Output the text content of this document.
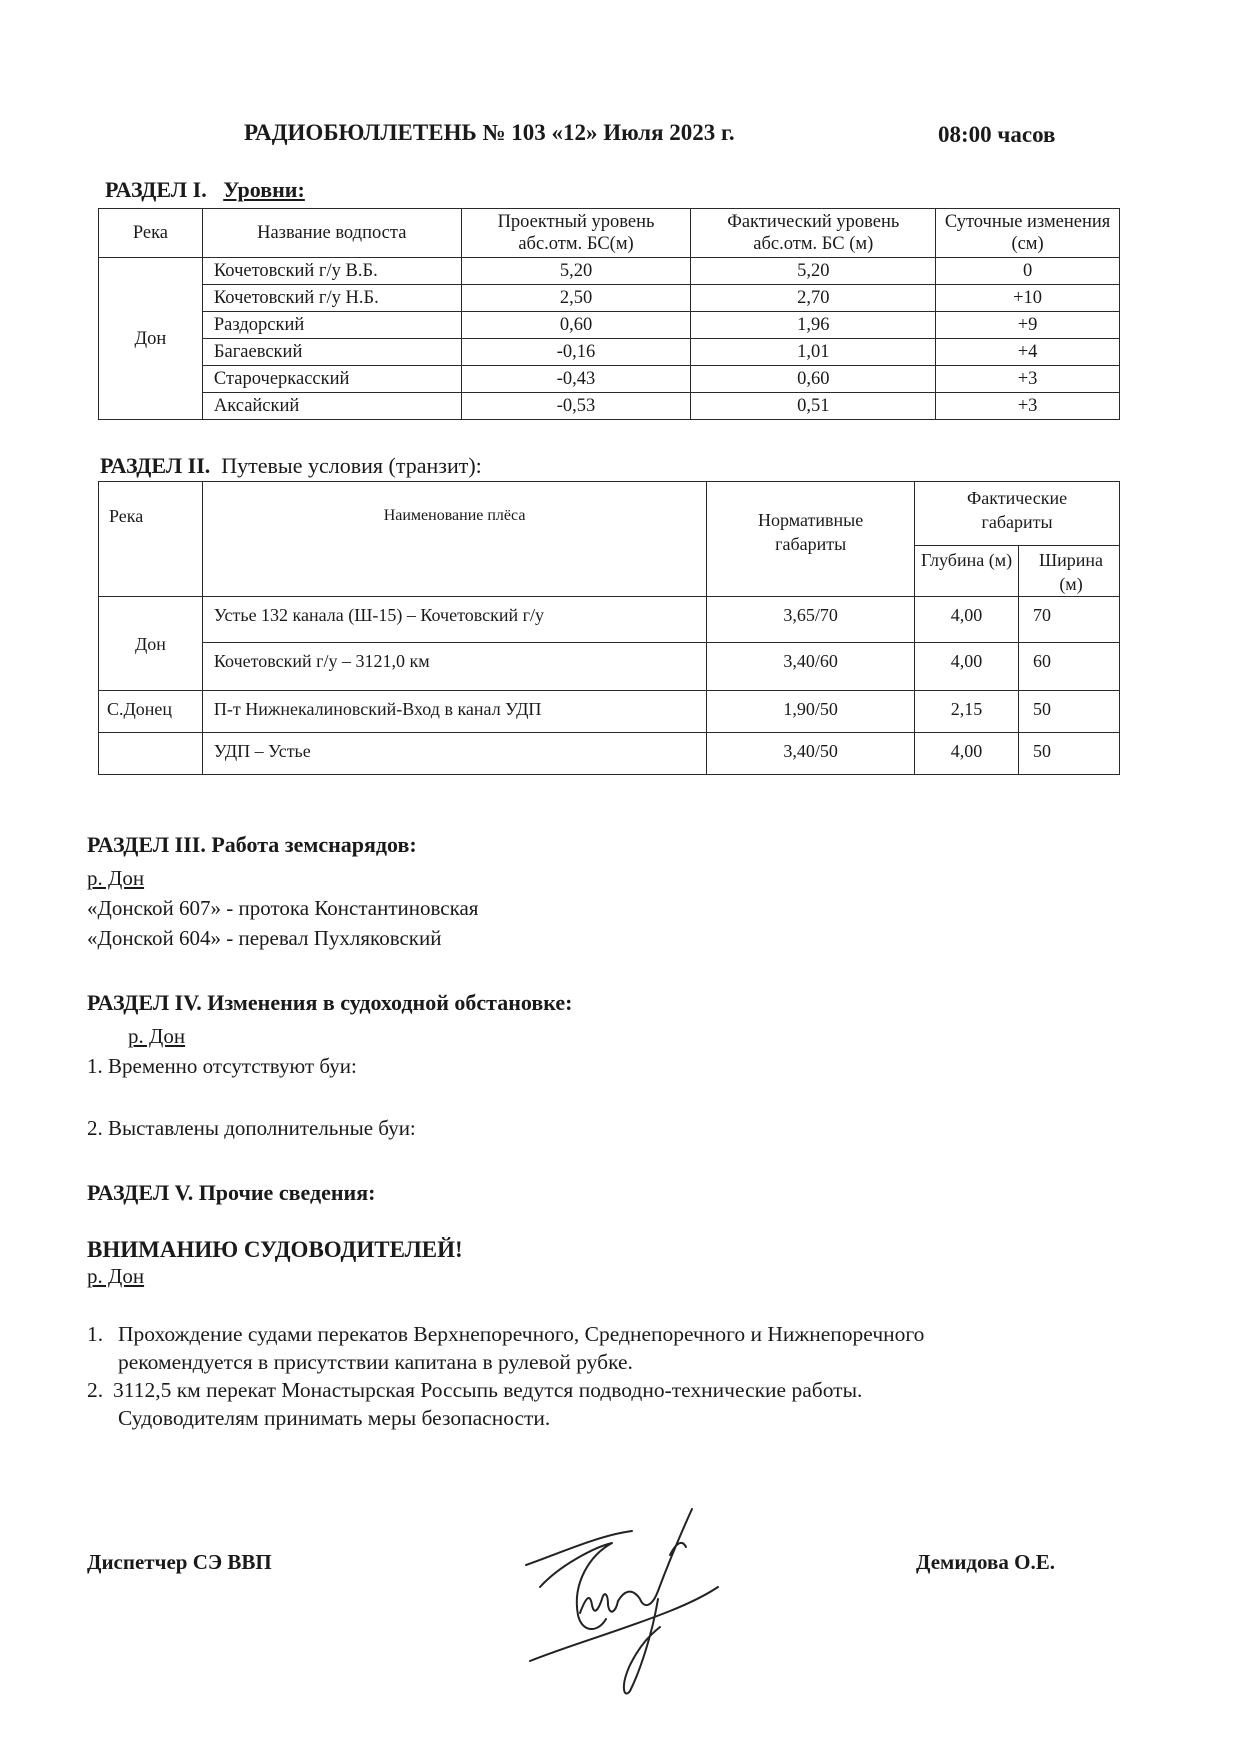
РАДИОБЮЛЛЕТЕНЬ № 103 «12» Июля 2023 г.	08:00 часов
РАЗДЕЛ I. Уровни:
Река	Название водпоста	Проектный уровень абс.отм. БС(м)	Фактический уровень абс.отм. БС (м)	Суточные изменения (см)
Дон	Кочетовский г/у В.Б.	5,20	5,20	0
	Кочетовский г/у Н.Б.	2,50	2,70	+10
	Раздорский	0,60	1,96	+9
	Багаевский	-0,16	1,01	+4
	Старочеркасский	-0,43	0,60	+3
	Аксайский	-0,53	0,51	+3
РАЗДЕЛ II. Путевые условия (транзит):
Река	Наименование плёса	Нормативные габариты	Фактические габариты	
			Глубина (м)	Ширина (м)
Дон	Устье 132 канала (Ш-15) – Кочетовский г/у	3,65/70	4,00	70
	Кочетовский г/у – 3121,0 км	3,40/60	4,00	60
С.Донец	П-т Нижнекалиновский-Вход в канал УДП	1,90/50	2,15	50
	УДП – Устье	3,40/50	4,00	50
РАЗДЕЛ III. Работа земснарядов:
р. Дон
«Донской 607» - протока Константиновская
«Донской 604» - перевал Пухляковский
РАЗДЕЛ IV. Изменения в судоходной обстановке:
р. Дон
1. Временно отсутствуют буи:
2. Выставлены дополнительные буи:
РАЗДЕЛ V. Прочие сведения:
ВНИМАНИЮ СУДОВОДИТЕЛЕЙ!
р. Дон
1. Прохождение судами перекатов Верхнепоречного, Среднепоречного и Нижнепоречного
рекомендуется в присутствии капитана в рулевой рубке.
2. 3112,5 км перекат Монастырская Россыпь ведутся подводно-технические работы.
Судоводителям принимать меры безопасности.
Диспетчер СЭ ВВП	Демидова О.Е.
